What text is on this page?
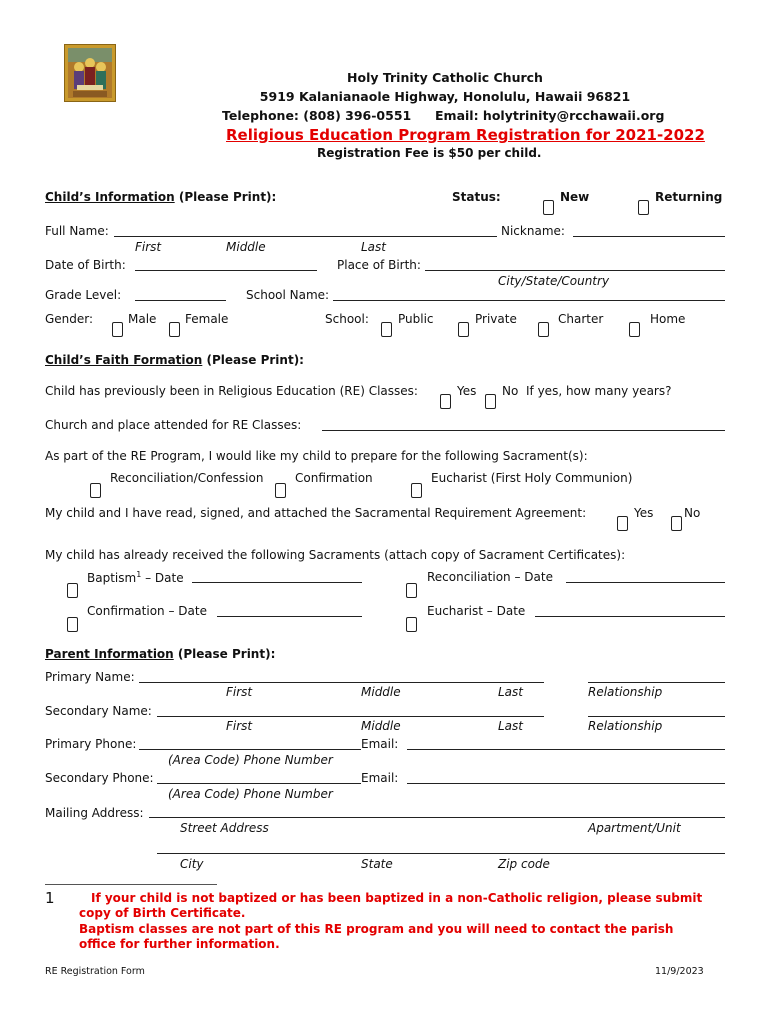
Holy Trinity Catholic Church
5919 Kalanianaole Highway, Honolulu, Hawaii 96821
Telephone: (808) 396-0551 Email: holytrinity@rcchawaii.org
Religious Education Program Registration for 2021-2022
Registration Fee is $50 per child.
Child’s Information (Please Print):	Status:	New	Returning
Full Name:	Nickname:
First	Middle	Last
Date of Birth:	Place of Birth:
City/State/Country
Grade Level:	School Name:
Gender:	Male Female	School: Public	Private	Charter	Home
Child’s Faith Formation (Please Print):
Child has previously been in Religious Education (RE) Classes:	Yes No If yes, how many years?
Church and place attended for RE Classes:
As part of the RE Program, I would like my child to prepare for the following Sacrament(s):
Reconciliation/Confession	Confirmation	Eucharist (First Holy Communion)
My child and I have read, signed, and attached the Sacramental Requirement Agreement:	Yes	No
My child has already received the following Sacraments (attach copy of Sacrament Certificates):
Baptism$^1$ – Date	Reconciliation – Date
Confirmation – Date	Eucharist – Date
Parent Information (Please Print):
Primary Name:
First	Middle	Last	Relationship
Secondary Name:
First	Middle	Last	Relationship
Primary Phone:	Email:
(Area Code) Phone Number
Secondary Phone:	Email:
(Area Code) Phone Number
Mailing Address:
Street Address	Apartment/Unit
City	State	Zip code
1	If your child is not baptized or has been baptized in a non-Catholic religion, please submit
copy of Birth Certificate.
Baptism classes are not part of this RE program and you will need to contact the parish
office for further information.
RE Registration Form	11/9/2023
